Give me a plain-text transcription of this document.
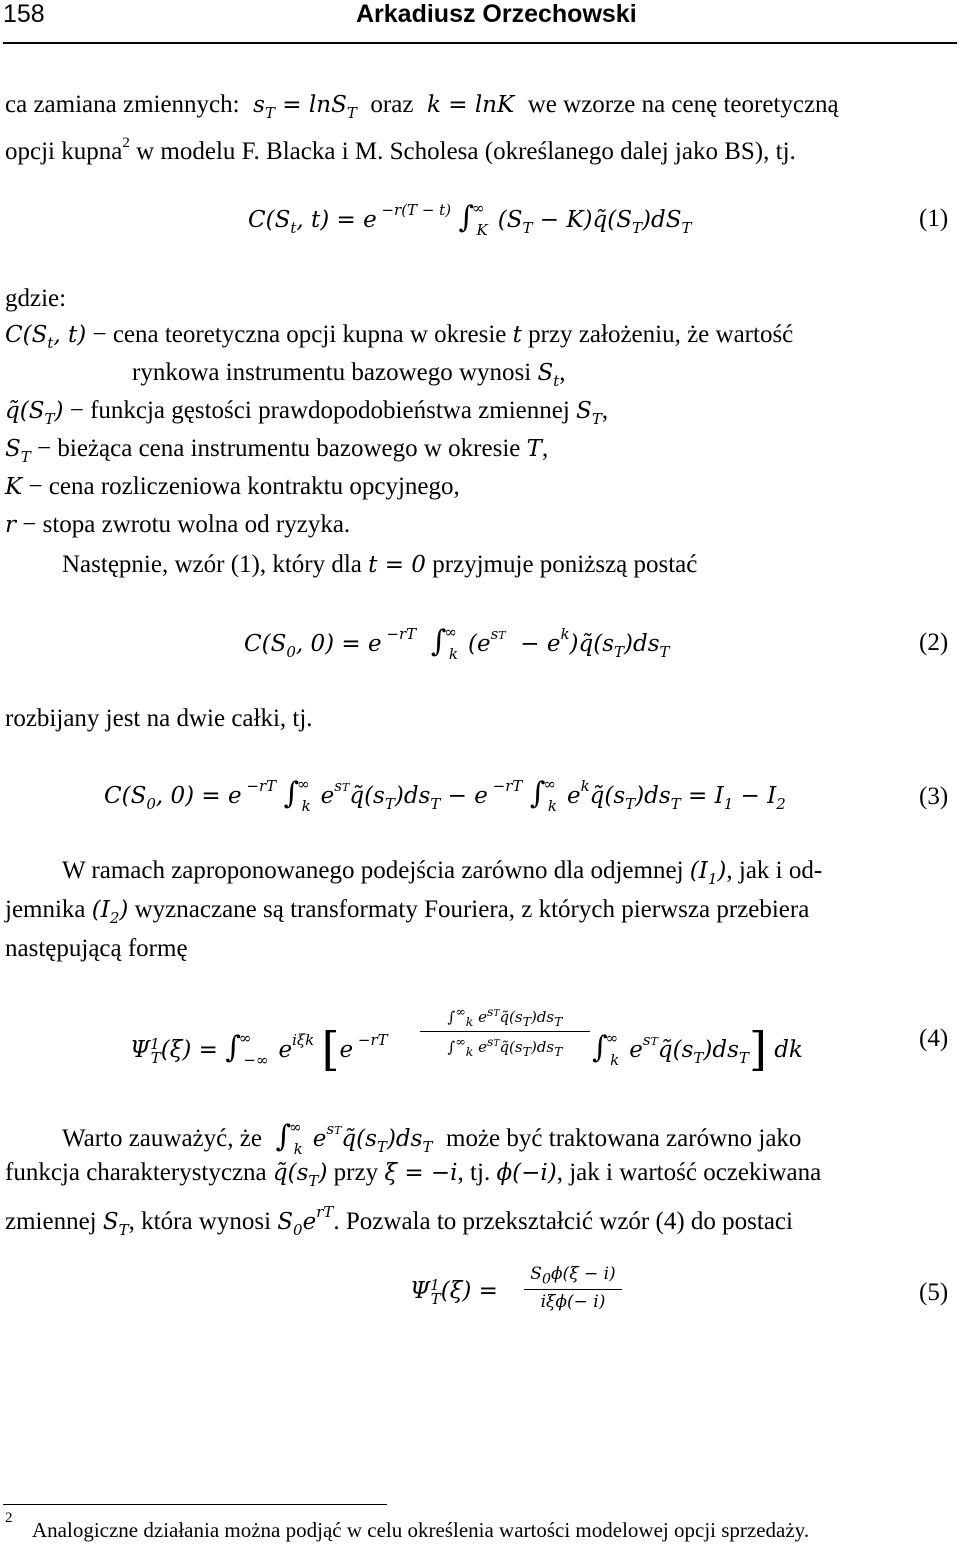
158	Arkadiusz Orzechowski
ca zamiana zmiennych:  $s_T = \ln S_T$ oraz  k = lnK  we wzorze na cenę teoretyczną
opcji kupna$^2$ w modelu F. Blacka i M. Scholesa (określanego dalej jako BS), tj.
$C(S_t$, t) = e $^{-r(T - t)}$ $\int^\infty_K$ ($S_T$ − $K)q̃(S_T)dS_T$	(1)
gdzie:
$C(S_t$, t) − cena teoretyczna opcji kupna w okresie t przy założeniu, że wartość
rynkowa instrumentu bazowego wynosi $S_t$,
$q̃(S_T)$ − funkcja gęstości prawdopodobieństwa zmiennej $S_T$,
$S_T$ − bieżąca cena instrumentu bazowego w okresie T,
K − cena rozliczeniowa kontraktu opcyjnego,
r − stopa zwrotu wolna od ryzyka.
Następnie, wzór (1), który dla t = 0 przyjmuje poniższą postać
$C(S_0$, 0) = e $^{-rT}$ $\int^\infty_k$ ($e^{sT}$  − $e^k)q̃(s_T)ds_T$	(2)
rozbijany jest na dwie całki, tj.
$C(S_0$, 0) = e $^{-rT}$ $\int^\infty_k$ $e^{sT}q̃(s_T)ds_T - e$ $^{-rT}$ $\int^\infty_k$ $e^kq̃(s_T)ds_T = I_1 - I_2$	(3)
W ramach zaproponowanego podejścia zarówno dla odjemnej $(I_1)$, jak i od-
jemnika $(I_2)$ wyznaczane są transformaty Fouriera, z których pierwsza przebiera
następującą formę
$\Psi^1_T(\xi) = \int^\infty_{-\infty}$ $e^{i\xi k}$ [e $^{-rT}$
$\int^\infty_k$ $e^{sT}q̃(s_T)ds_T$
$\int^\infty_k$ $e^{sT}q̃(s_T)ds_T$ $\int^\infty_k$ $e^{sT}q̃(s_T)ds_T$] dk	(4)
Warto zauważyć, że $\int^\infty_k$ $e^{sT}q̃(s_T)ds_T$ może być traktowana zarówno jako
funkcja charakterystyczna $q̃(s_T)$ przy ξ = −i, tj. ϕ(−i), jak i wartość oczekiwana
zmiennej $S_T$, która wynosi $S_0e^{rT}$. Pozwala to przekształcić wzór (4) do postaci
$\Psi^1_T(\xi)$ =
$S_0\phi(\xi - i)$
iξϕ(− i)	(5)
2 Analogiczne działania można podjąć w celu określenia wartości modelowej opcji sprzedaży.
